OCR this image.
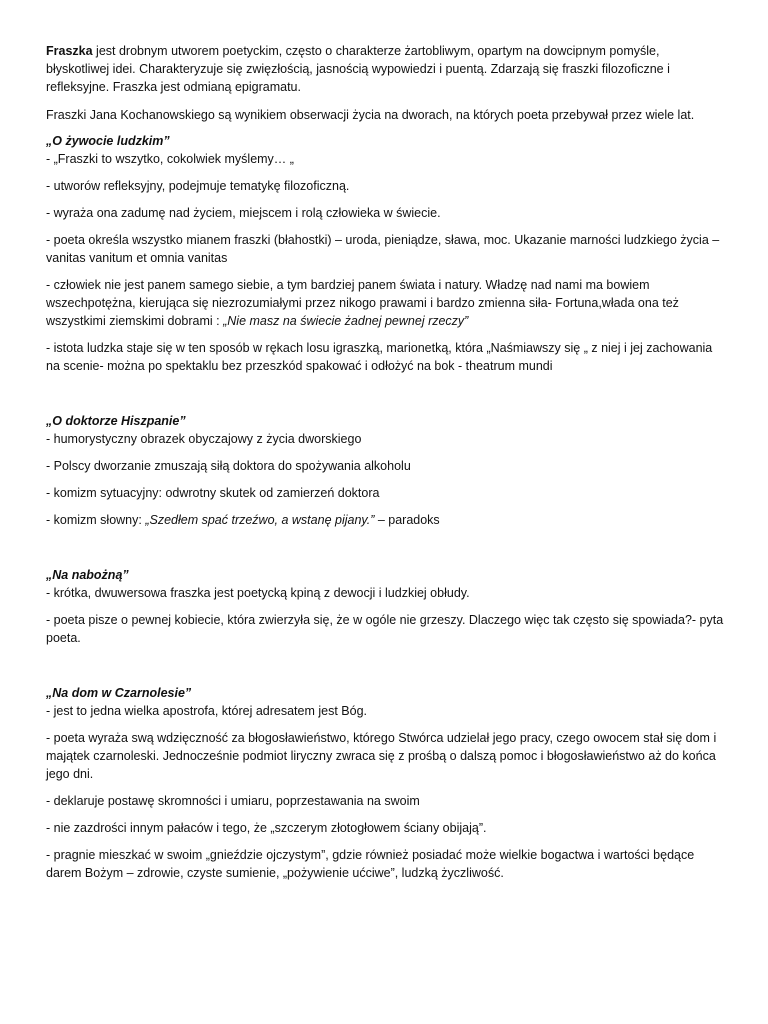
Fraszka jest drobnym utworem poetyckim, często o charakterze żartobliwym, opartym na dowcipnym pomyśle, błyskotliwej idei. Charakteryzuje się zwięzłością, jasnością wypowiedzi i puentą. Zdarzają się fraszki filozoficzne i refleksyjne. Fraszka jest odmianą epigramatu.

Fraszki Jana Kochanowskiego są wynikiem obserwacji życia na dworach, na których poeta przebywał przez wiele lat.

„O żywocie ludzkim”

- „Fraszki to wszytko, cokolwiek myślemy… „

- utworów refleksyjny, podejmuje tematykę filozoficzną.

- wyraża ona zadumę nad życiem, miejscem i rolą człowieka w świecie.

- poeta określa wszystko mianem fraszki (błahostki) – uroda, pieniądze, sława, moc. Ukazanie marności ludzkiego życia – vanitas vanitum et omnia vanitas

- człowiek nie jest panem samego siebie, a tym bardziej panem świata i natury. Władzę nad nami ma bowiem wszechpotężna, kierująca się niezrozumiałymi przez nikogo prawami i bardzo zmienna siła- Fortuna,włada ona też wszystkimi ziemskimi dobrami : „Nie masz na świecie żadnej pewnej rzeczy”

- istota ludzka staje się w ten sposób w rękach losu igraszką, marionetką, która „Naśmiawszy się „ z niej i jej zachowania na scenie- można po spektaklu bez przeszkód spakować i odłożyć na bok - theatrum mundi

„O doktorze Hiszpanie”

- humorystyczny obrazek obyczajowy z życia dworskiego

- Polscy dworzanie zmuszają siłą doktora do spożywania alkoholu

- komizm sytuacyjny: odwrotny skutek od zamierzeń doktora

- komizm słowny: „Szedłem spać trzeźwo, a wstanę pijany.” – paradoks

„Na nabożną”

- krótka, dwuwersowa fraszka jest poetycką kpiną z dewocji i ludzkiej obłudy.

- poeta pisze o pewnej kobiecie, która zwierzyła się, że w ogóle nie grzeszy. Dlaczego więc tak często się spowiada?- pyta poeta.

„Na dom w Czarnolesie”

- jest to jedna wielka apostrofa, której adresatem jest Bóg.

- poeta wyraża swą wdzięczność za błogosławieństwo, którego Stwórca udzielał jego pracy, czego owocem stał się dom i majątek czarnoleski. Jednocześnie podmiot liryczny zwraca się z prośbą o dalszą pomoc i błogosławieństwo aż do końca jego dni.

- deklaruje postawę skromności i umiaru, poprzestawania na swoim

- nie zazdrości innym pałaców i tego, że „szczerym złotogłowem ściany obijają”.

- pragnie mieszkać w swoim „gnieździe ojczystym”, gdzie również posiadać może wielkie bogactwa i wartości będące darem Bożym – zdrowie, czyste sumienie, „pożywienie ućciwe”, ludzką życzliwość.
